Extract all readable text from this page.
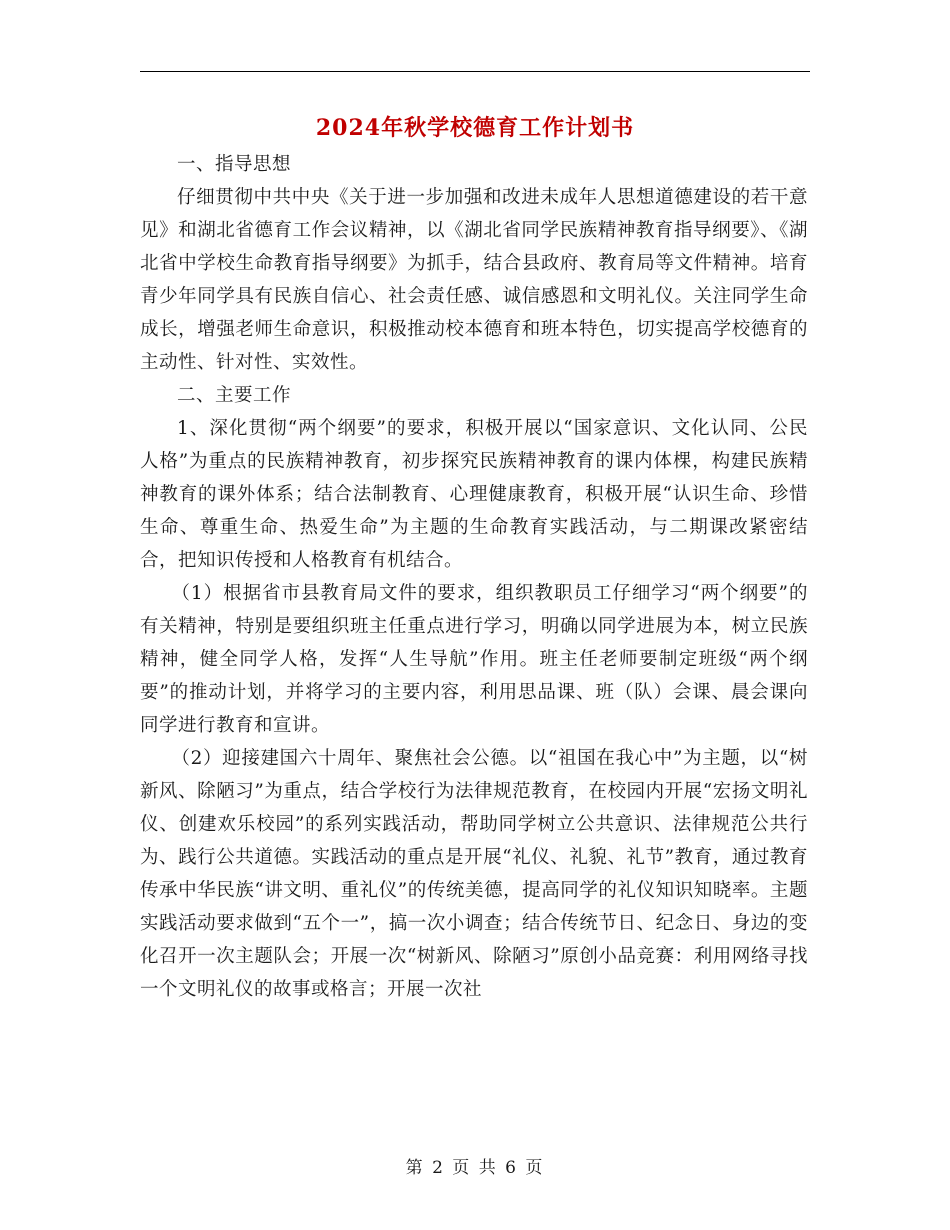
2024年秋学校德育工作计划书

一、指导思想

仔细贯彻中共中央《关于进一步加强和改进未成年人思想道德建设的若干意见》和湖北省德育工作会议精神，以《湖北省同学民族精神教育指导纲要》、《湖北省中学校生命教育指导纲要》为抓手，结合县政府、教育局等文件精神。培育青少年同学具有民族自信心、社会责任感、诚信感恩和文明礼仪。关注同学生命成长，增强老师生命意识，积极推动校本德育和班本特色，切实提高学校德育的主动性、针对性、实效性。

二、主要工作

1、深化贯彻“两个纲要”的要求，积极开展以“国家意识、文化认同、公民人格”为重点的民族精神教育，初步探究民族精神教育的课内体棵，构建民族精神教育的课外体系；结合法制教育、心理健康教育，积极开展“认识生命、珍惜生命、尊重生命、热爱生命”为主题的生命教育实践活动，与二期课改紧密结合，把知识传授和人格教育有机结合。

（1）根据省市县教育局文件的要求，组织教职员工仔细学习“两个纲要”的有关精神，特别是要组织班主任重点进行学习，明确以同学进展为本，树立民族精神，健全同学人格，发挥“人生导航”作用。班主任老师要制定班级“两个纲要”的推动计划，并将学习的主要内容，利用思品课、班（队）会课、晨会课向同学进行教育和宣讲。

（2）迎接建国六十周年、聚焦社会公德。以“祖国在我心中”为主题，以“树新风、除陋习”为重点，结合学校行为法律规范教育，在校园内开展“宏扬文明礼仪、创建欢乐校园”的系列实践活动，帮助同学树立公共意识、法律规范公共行为、践行公共道德。实践活动的重点是开展“礼仪、礼貌、礼节”教育，通过教育传承中华民族“讲文明、重礼仪”的传统美德，提高同学的礼仪知识知晓率。主题实践活动要求做到“五个一”，搞一次小调查；结合传统节日、纪念日、身边的变化召开一次主题队会；开展一次“树新风、除陋习”原创小品竞赛：利用网络寻找一个文明礼仪的故事或格言；开展一次社

第 2 页 共 6 页
